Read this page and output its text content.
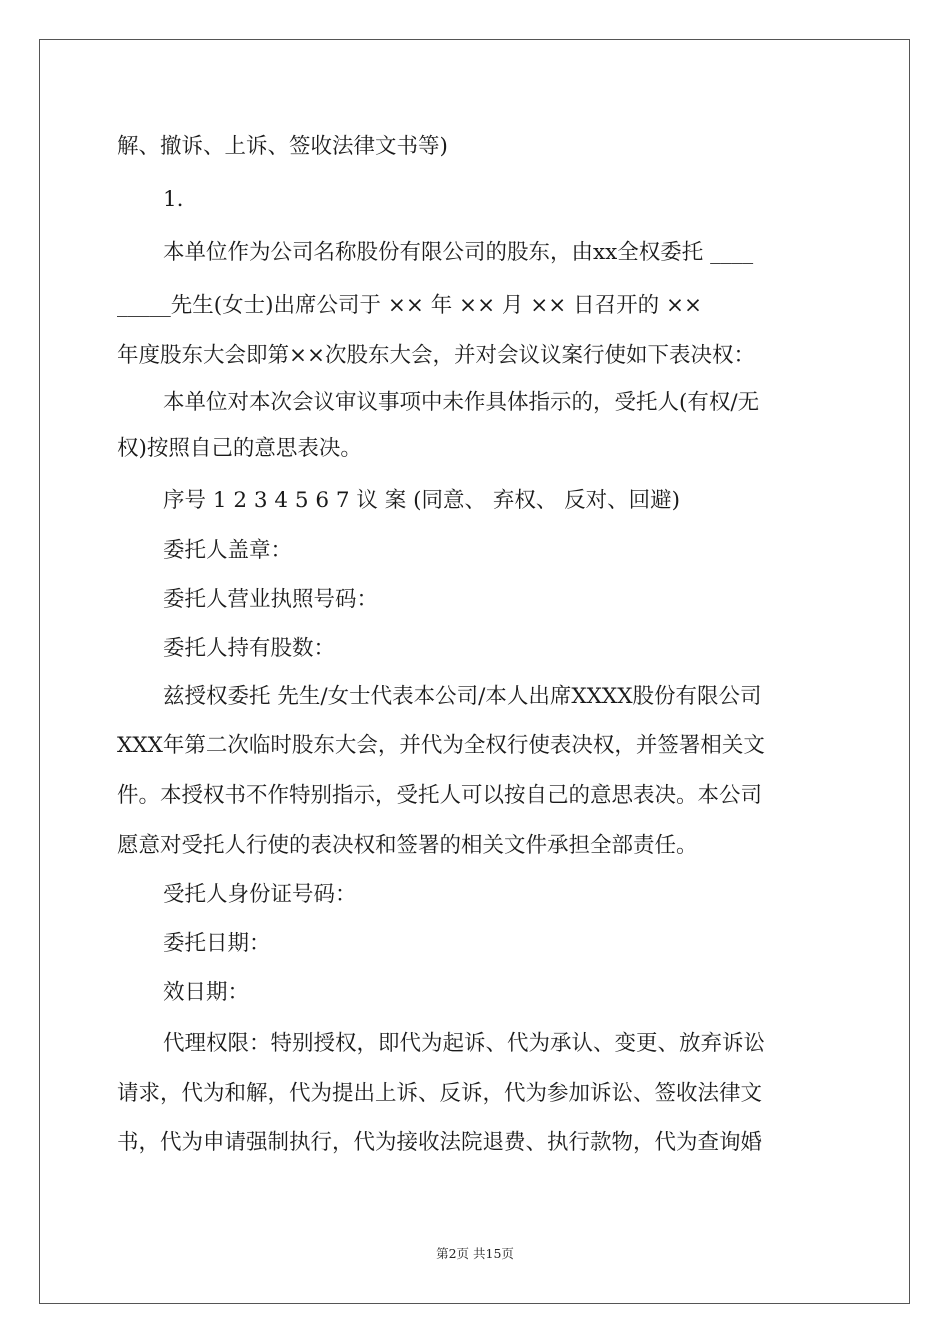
解、撤诉、上诉、签收法律文书等)
1.
本单位作为公司名称股份有限公司的股东，由xx全权委托 ____
_____先生(女士)出席公司于 ×× 年 ×× 月 ×× 日召开的 ××
年度股东大会即第××次股东大会，并对会议议案行使如下表决权：
本单位对本次会议审议事项中未作具体指示的，受托人(有权/无
权)按照自己的意思表决。
序号 1 2 3 4 5 6 7 议 案 (同意、 弃权、 反对、回避)
委托人盖章：
委托人营业执照号码：
委托人持有股数：
兹授权委托 先生/女士代表本公司/本人出席XXXX股份有限公司
XXX年第二次临时股东大会，并代为全权行使表决权，并签署相关文
件。本授权书不作特别指示，受托人可以按自己的意思表决。本公司
愿意对受托人行使的表决权和签署的相关文件承担全部责任。
受托人身份证号码：
委托日期：
效日期：
代理权限：特别授权，即代为起诉、代为承认、变更、放弃诉讼
请求，代为和解，代为提出上诉、反诉，代为参加诉讼、签收法律文
书，代为申请强制执行，代为接收法院退费、执行款物，代为查询婚
第2页 共15页
